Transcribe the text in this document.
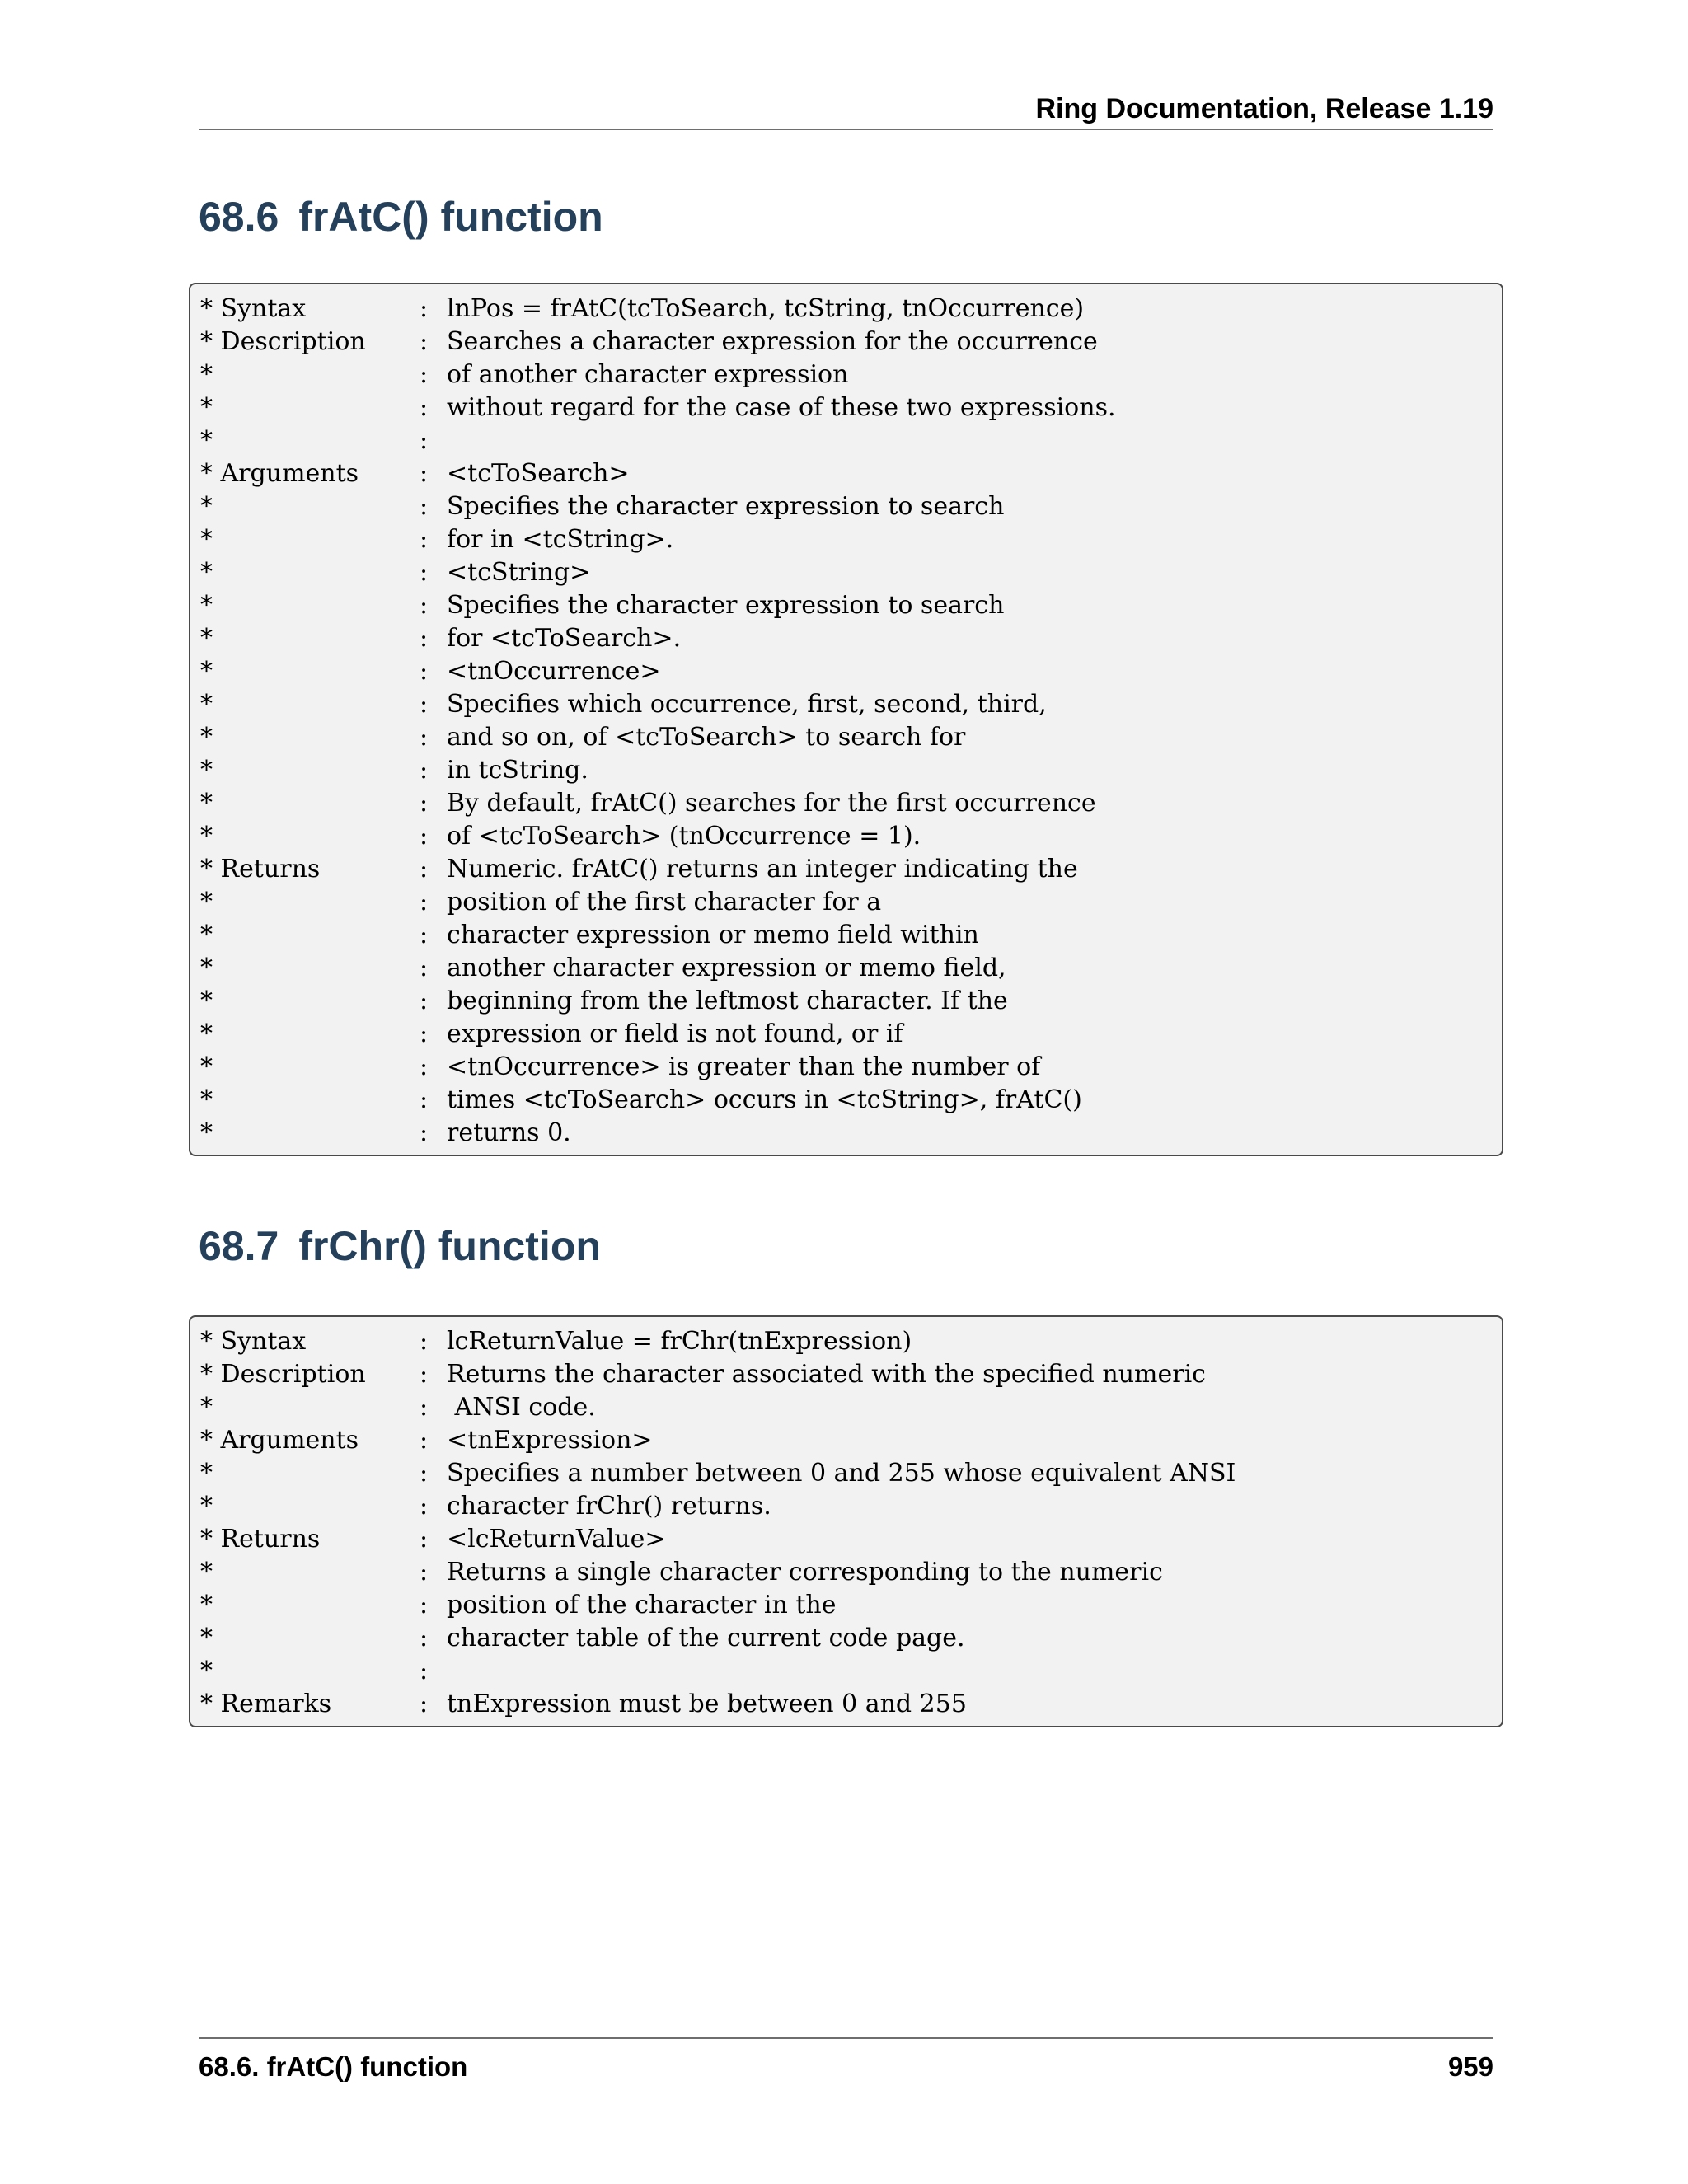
Ring Documentation, Release 1.19
68.6 frAtC() function
* Syntax	: lnPos = frAtC(tcToSearch, tcString, tnOccurrence)
* Description : Searches a character expression for the occurrence
*	: of another character expression
*	: without regard for the case of these two expressions.
*	:
* Arguments : <tcToSearch>
*	: Specifies the character expression to search
*	: for in <tcString>.
*	: <tcString>
*	: Specifies the character expression to search
*	: for <tcToSearch>.
*	: <tnOccurrence>
*	: Specifies which occurrence, first, second, third,
*	: and so on, of <tcToSearch> to search for
*	: in tcString.
*	: By default, frAtC() searches for the first occurrence
*	: of <tcToSearch> (tnOccurrence = 1).
* Returns	: Numeric. frAtC() returns an integer indicating the
*	: position of the first character for a
*	: character expression or memo field within
*	: another character expression or memo field,
*	: beginning from the leftmost character. If the
*	: expression or field is not found, or if
*	: <tnOccurrence> is greater than the number of
*	: times <tcToSearch> occurs in <tcString>, frAtC()
*	: returns 0.
68.7 frChr() function
* Syntax	: lcReturnValue = frChr(tnExpression)
* Description : Returns the character associated with the specified numeric
*	: ANSI code.
* Arguments : <tnExpression>
*	: Specifies a number between 0 and 255 whose equivalent ANSI
*	: character frChr() returns.
* Returns	: <lcReturnValue>
*	: Returns a single character corresponding to the numeric
*	: position of the character in the
*	: character table of the current code page.
*	:
* Remarks	: tnExpression must be between 0 and 255
68.6. frAtC() function	959
